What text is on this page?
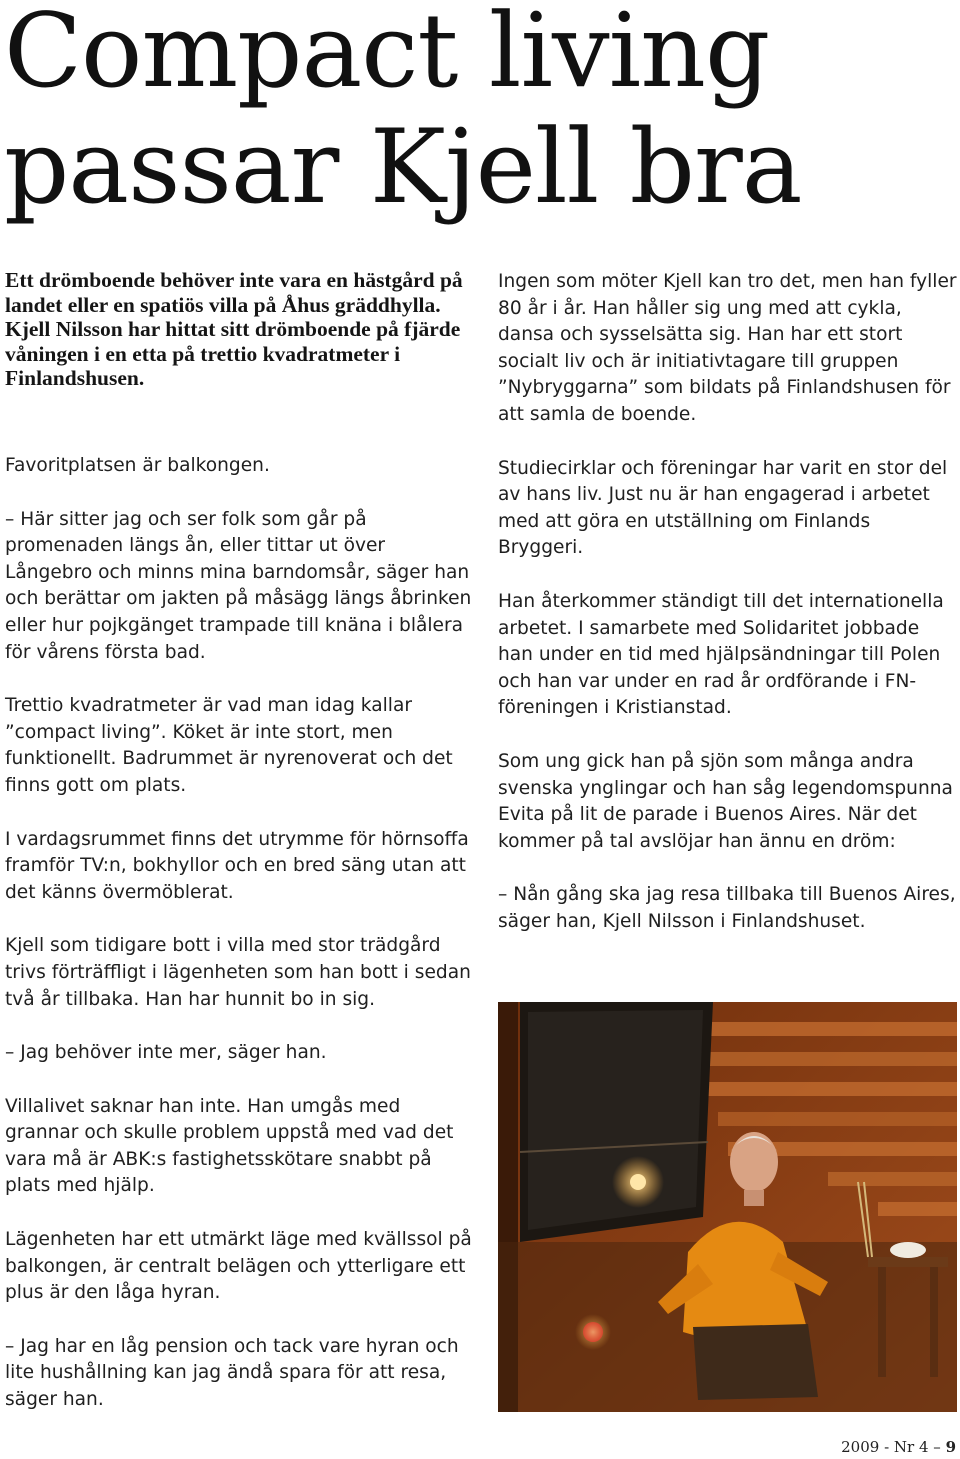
Compact living passar Kjell bra

Ett drömboende behöver inte vara en hästgård på landet eller en spatiös villa på Åhus gräddhylla. Kjell Nilsson har hittat sitt drömboende på fjärde våningen i en etta på trettio kvadratmeter i Finlandshusen.

Favoritplatsen är balkongen.

– Här sitter jag och ser folk som går på promenaden längs ån, eller tittar ut över Långebro och minns mina barndomsår, säger han och berättar om jakten på måsägg längs åbrinken eller hur pojkgänget trampade till knäna i blålera för vårens första bad.

Trettio kvadratmeter är vad man idag kallar ”compact living”. Köket är inte stort, men funktionellt. Badrummet är nyrenoverat och det finns gott om plats.

I vardagsrummet finns det utrymme för hörnsoffa framför TV:n, bokhyllor och en bred säng utan att det känns övermöblerat.

Kjell som tidigare bott i villa med stor trädgård trivs förträffligt i lägenheten som han bott i sedan två år tillbaka. Han har hunnit bo in sig.

– Jag behöver inte mer, säger han.

Villalivet saknar han inte. Han umgås med grannar och skulle problem uppstå med vad det vara må är ABK:s fastighetsskötare snabbt på plats med hjälp.

Lägenheten har ett utmärkt läge med kvällssol på balkongen, är centralt belägen och ytterligare ett plus är den låga hyran.

– Jag har en låg pension och tack vare hyran och lite hushållning kan jag ändå spara för att resa, säger han.

Ingen som möter Kjell kan tro det, men han fyller 80 år i år. Han håller sig ung med att cykla, dansa och sysselsätta sig. Han har ett stort socialt liv och är initiativtagare till gruppen ”Nybryggarna” som bildats på Finlandshusen för att samla de boende.

Studiecirklar och föreningar har varit en stor del av hans liv. Just nu är han engagerad i arbetet med att göra en utställning om Finlands Bryggeri.

Han återkommer ständigt till det internationella arbetet. I samarbete med Solidaritet jobbade han under en tid med hjälpsändningar till Polen och han var under en rad år ordförande i FN-föreningen i Kristianstad.

Som ung gick han på sjön som många andra svenska ynglingar och han såg legendomspunna Evita på lit de parade i Buenos Aires. När det kommer på tal avslöjar han ännu en dröm:

– Nån gång ska jag resa tillbaka till Buenos Aires, säger han, Kjell Nilsson i Finlandshuset.

2009 - Nr 4 – 9
